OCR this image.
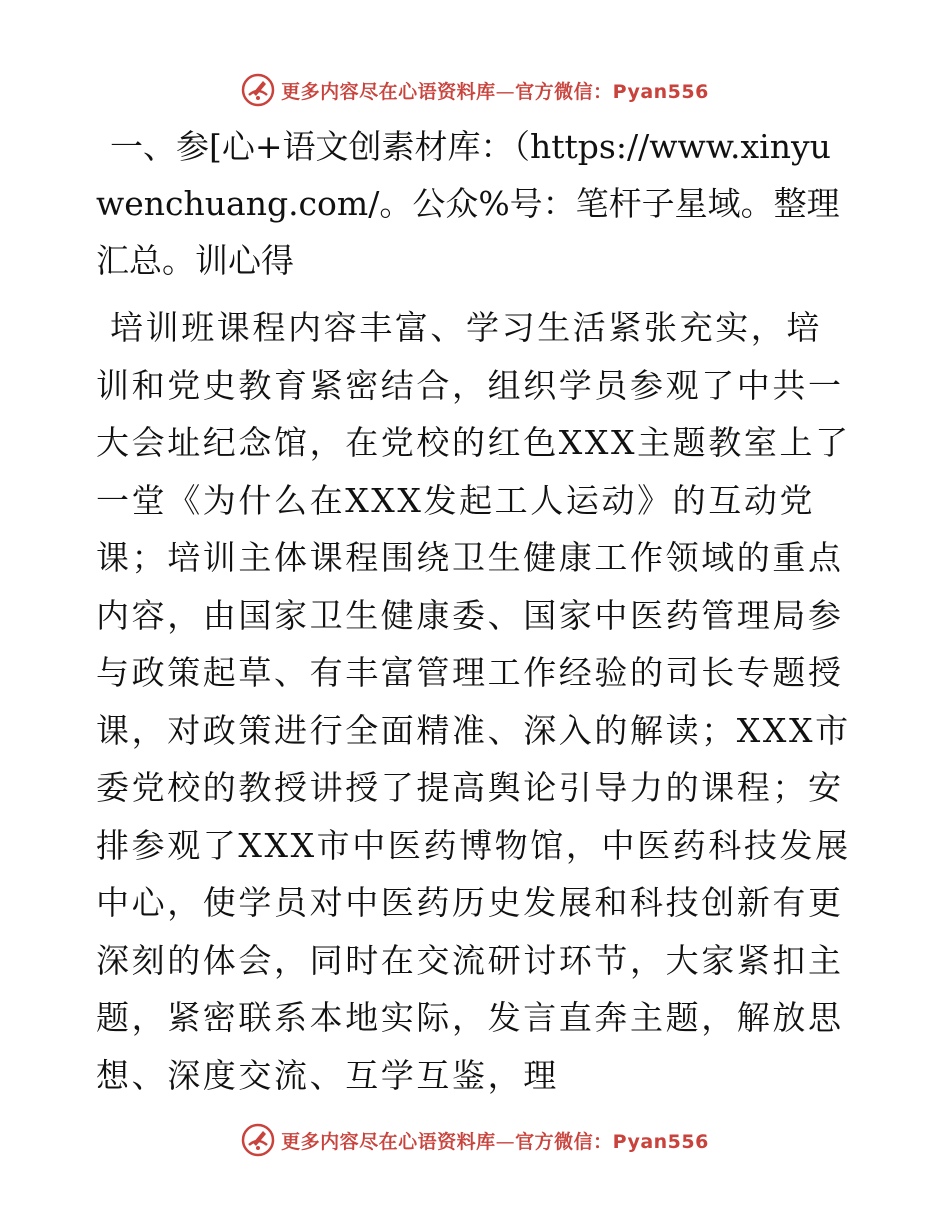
更多内容尽在心语资料库—官方微信：Pyan556

一、参[心+语文创素材库：（https://www.xinyuwenchuang.com/。公众%号：笔杆子星域。整理汇总。训心得

培训班课程内容丰富、学习生活紧张充实，培训和党史教育紧密结合，组织学员参观了中共一大会址纪念馆，在党校的红色XXX主题教室上了一堂《为什么在XXX发起工人运动》的互动党课；培训主体课程围绕卫生健康工作领域的重点内容，由国家卫生健康委、国家中医药管理局参与政策起草、有丰富管理工作经验的司长专题授课，对政策进行全面精准、深入的解读；XXX市委党校的教授讲授了提高舆论引导力的课程；安排参观了XXX市中医药博物馆，中医药科技发展中心，使学员对中医药历史发展和科技创新有更深刻的体会，同时在交流研讨环节，大家紧扣主题，紧密联系本地实际，发言直奔主题，解放思想、深度交流、互学互鉴，理

更多内容尽在心语资料库—官方微信：Pyan556
